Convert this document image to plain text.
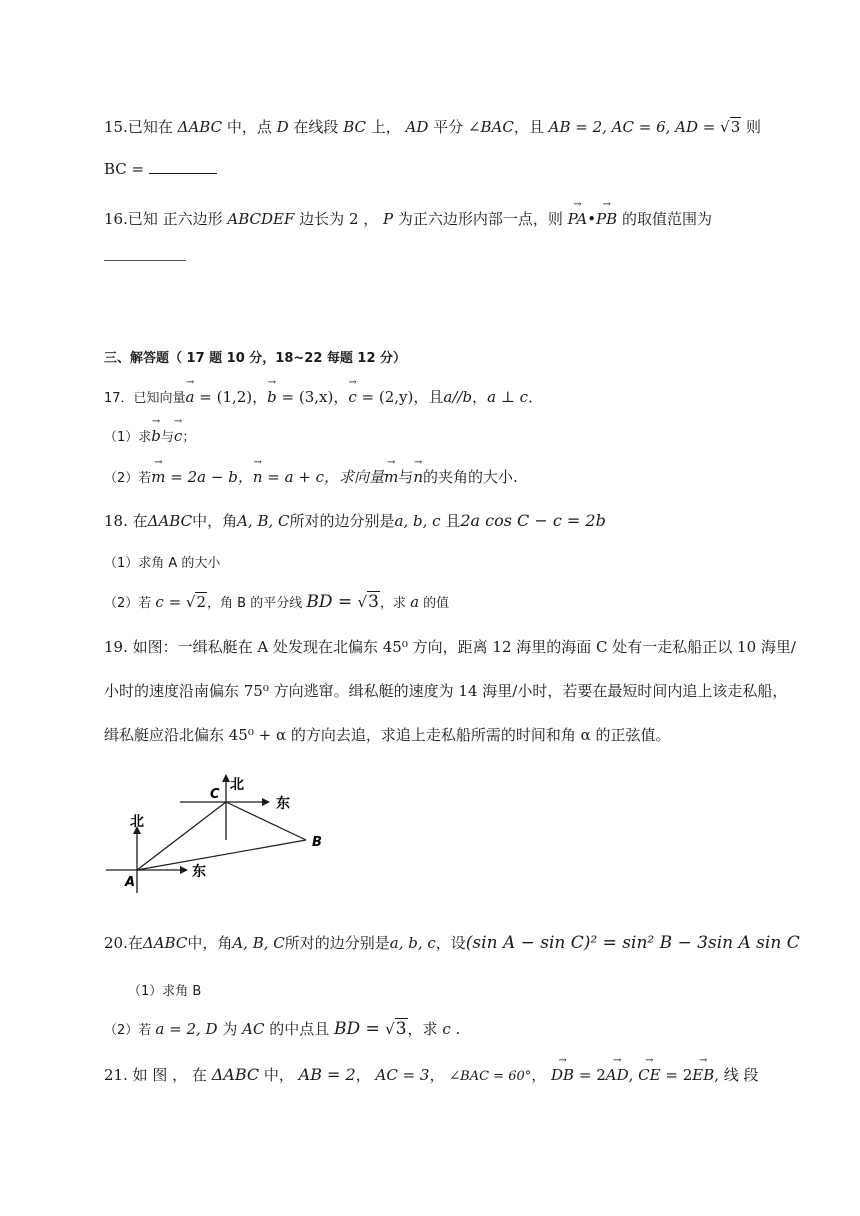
15.已知在 ΔABC 中，点 D 在线段 BC 上， AD 平分 ∠BAC，且 AB = 2, AC = 6, AD = √3 则
BC =
16.已知 正六边形 ABCDEF 边长为 2 ， P 为正六边形内部一点，则 → PA•→ PB 的取值范围为
三、解答题（ 17 题 10 分，18~22 每题 12 分）
17．已知向量→ a = (1,2)，→ b = (3,x)，→ c = (2,y)，且a//b，a ⊥ c．
（1）求→ b与→ c；
（2）若→ m = 2a − b，→ n = a + c，求向量→ m与→ n的夹角的大小.
18. 在ΔABC中，角A, B, C所对的边分别是a, b, c 且2a cos C − c = 2b
（1）求角 A 的大小
（2）若 c = √2，角 B 的平分线 BD = √3，求 a 的值
19. 如图：一缉私艇在 A 处发现在北偏东 45⁰ 方向，距离 12 海里的海面 C 处有一走私船正以 10 海里/
小时的速度沿南偏东 75⁰ 方向逃窜。缉私艇的速度为 14 海里/小时，若要在最短时间内追上该走私船，
缉私艇应沿北偏东 45⁰ + α 的方向去追，求追上走私船所需的时间和角 α 的正弦值。
北
东
北
东
A
B
C
20.在ΔABC中，角A, B, C所对的边分别是a, b, c，设(sin A − sin C)² = sin² B − 3sin A sin C
（1）求角 B
（2）若 a = 2, D 为 AC 的中点且 BD = √3，求 c .
21. 如 图 ， 在 ΔABC 中， AB = 2， AC = 3， ∠BAC = 60°， → DB = 2→ AD, → CE = 2→ EB, 线 段
